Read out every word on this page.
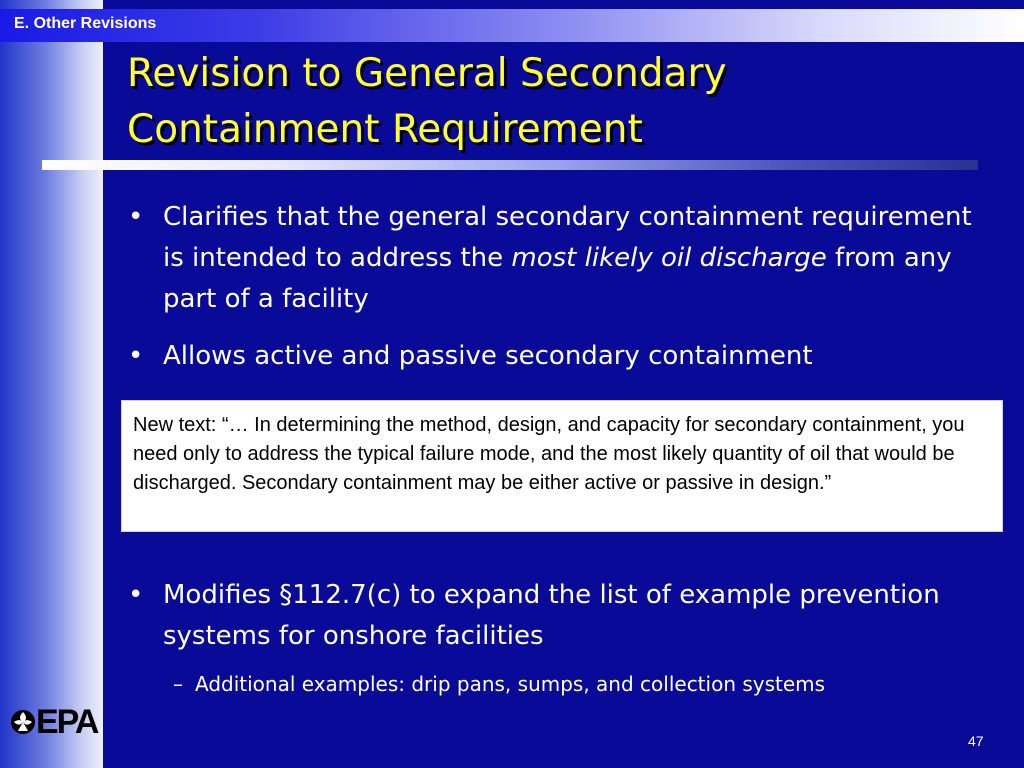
E. Other Revisions
Revision to General Secondary
Containment Requirement
• Clarifies that the general secondary containment requirement is intended to address the most likely oil discharge from any part of a facility
• Allows active and passive secondary containment
New text: “… In determining the method, design, and capacity for secondary containment, you need only to address the typical failure mode, and the most likely quantity of oil that would be discharged. Secondary containment may be either active or passive in design.”
• Modifies §112.7(c) to expand the list of example prevention systems for onshore facilities
– Additional examples: drip pans, sumps, and collection systems
EPA	47
